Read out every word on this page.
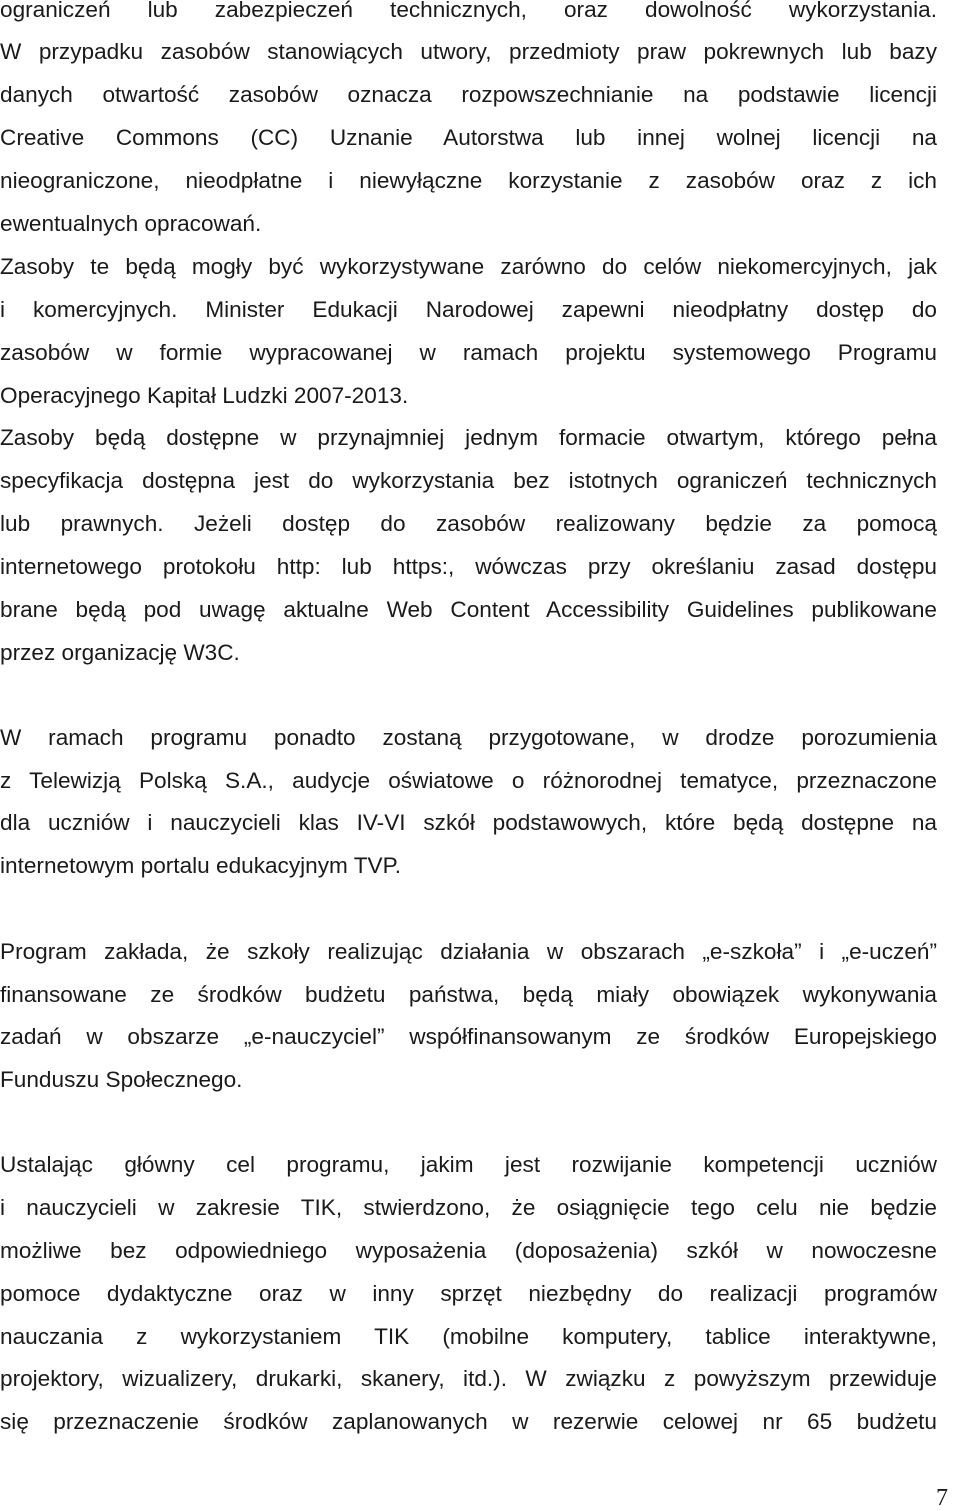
ograniczeń lub zabezpieczeń technicznych, oraz dowolność wykorzystania.
W przypadku zasobów stanowiących utwory, przedmioty praw pokrewnych lub bazy
danych otwartość zasobów oznacza rozpowszechnianie na podstawie licencji
Creative Commons (CC) Uznanie Autorstwa lub innej wolnej licencji na
nieograniczone, nieodpłatne i niewyłączne korzystanie z zasobów oraz z ich
ewentualnych opracowań.
Zasoby te będą mogły być wykorzystywane zarówno do celów niekomercyjnych, jak
i komercyjnych. Minister Edukacji Narodowej zapewni nieodpłatny dostęp do
zasobów w formie wypracowanej w ramach projektu systemowego Programu
Operacyjnego Kapitał Ludzki 2007-2013.
Zasoby będą dostępne w przynajmniej jednym formacie otwartym, którego pełna
specyfikacja dostępna jest do wykorzystania bez istotnych ograniczeń technicznych
lub prawnych. Jeżeli dostęp do zasobów realizowany będzie za pomocą
internetowego protokołu http: lub https:, wówczas przy określaniu zasad dostępu
brane będą pod uwagę aktualne Web Content Accessibility Guidelines publikowane
przez organizację W3C.
W ramach programu ponadto zostaną przygotowane, w drodze porozumienia
z Telewizją Polską S.A., audycje oświatowe o różnorodnej tematyce, przeznaczone
dla uczniów i nauczycieli klas IV-VI szkół podstawowych, które będą dostępne na
internetowym portalu edukacyjnym TVP.
Program zakłada, że szkoły realizując działania w obszarach „e-szkoła” i „e-uczeń”
finansowane ze środków budżetu państwa, będą miały obowiązek wykonywania
zadań w obszarze „e-nauczyciel” współfinansowanym ze środków Europejskiego
Funduszu Społecznego.
Ustalając główny cel programu, jakim jest rozwijanie kompetencji uczniów
i nauczycieli w zakresie TIK, stwierdzono, że osiągnięcie tego celu nie będzie
możliwe bez odpowiedniego wyposażenia (doposażenia) szkół w nowoczesne
pomoce dydaktyczne oraz w inny sprzęt niezbędny do realizacji programów
nauczania z wykorzystaniem TIK (mobilne komputery, tablice interaktywne,
projektory, wizualizery, drukarki, skanery, itd.). W związku z powyższym przewiduje
się przeznaczenie środków zaplanowanych w rezerwie celowej nr 65 budżetu
7
